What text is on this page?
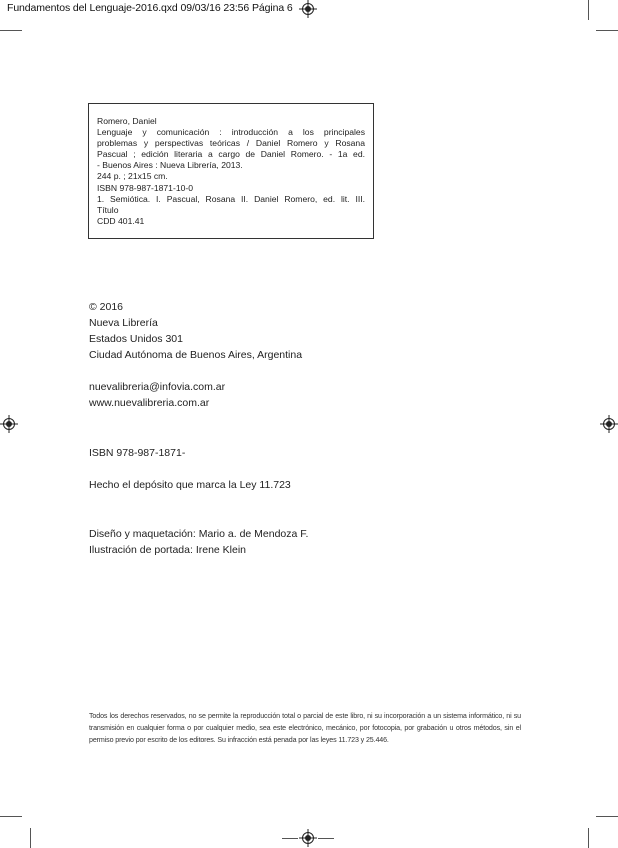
Fundamentos del Lenguaje-2016.qxd 09/03/16 23:56 Página 6
Romero, Daniel
Lenguaje y comunicación : introducción a los principales
problemas y perspectivas teóricas / Daniel Romero y Rosana
Pascual ; edición literaria a cargo de Daniel Romero. - 1a ed.
- Buenos Aires : Nueva Librería, 2013.
244 p. ; 21x15 cm.
ISBN 978-987-1871-10-0
1. Semiótica. I. Pascual, Rosana II. Daniel Romero, ed. lit. III.
Título
CDD 401.41
© 2016
Nueva Librería
Estados Unidos 301
Ciudad Autónoma de Buenos Aires, Argentina
nuevalibreria@infovia.com.ar
www.nuevalibreria.com.ar
ISBN 978-987-1871-
Hecho el depósito que marca la Ley 11.723
Diseño y maquetación: Mario a. de Mendoza F.
Ilustración de portada: Irene Klein
Todos los derechos reservados, no se permite la reproducción total o parcial de este libro, ni su incorporación a un sistema informático, ni su transmisión en cualquier forma o por cualquier medio, sea este electrónico, mecánico, por fotocopia, por grabación u otros métodos, sin el permiso previo por escrito de los editores. Su infracción está penada por las leyes 11.723 y 25.446.
